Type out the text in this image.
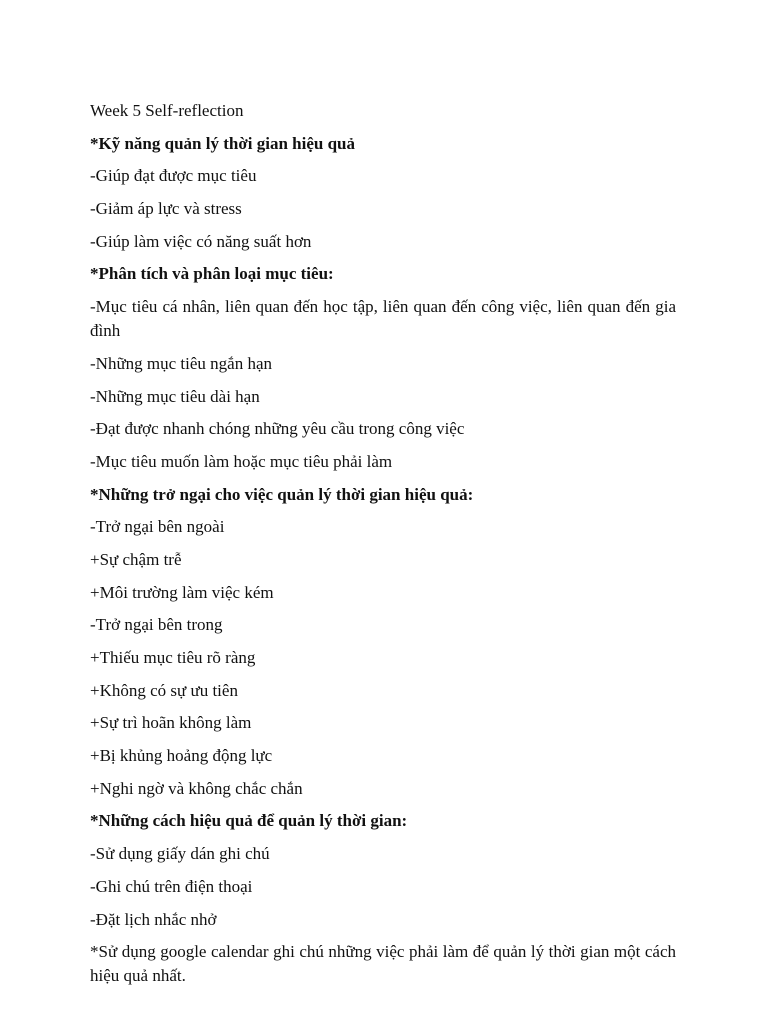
Week 5 Self-reflection

*Kỹ năng quản lý thời gian hiệu quả

-Giúp đạt được mục tiêu

-Giảm áp lực và stress

-Giúp làm việc có năng suất hơn

*Phân tích và phân loại mục tiêu:

-Mục tiêu cá nhân, liên quan đến học tập, liên quan đến công việc, liên quan đến gia đình

-Những mục tiêu ngắn hạn

-Những mục tiêu dài hạn

-Đạt được nhanh chóng những yêu cầu trong công việc

-Mục tiêu muốn làm hoặc mục tiêu phải làm

*Những trở ngại cho việc quản lý thời gian hiệu quả:

-Trở ngại bên ngoài

+Sự chậm trễ

+Môi trường làm việc kém

-Trở ngại bên trong

+Thiếu mục tiêu rõ ràng

+Không có sự ưu tiên

+Sự trì hoãn không làm

+Bị khủng hoảng động lực

+Nghi ngờ và không chắc chắn

*Những cách hiệu quả để quản lý thời gian:

-Sử dụng giấy dán ghi chú

-Ghi chú trên điện thoại

-Đặt lịch nhắc nhở

*Sử dụng google calendar ghi chú những việc phải làm để quản lý thời gian một cách hiệu quả nhất.
